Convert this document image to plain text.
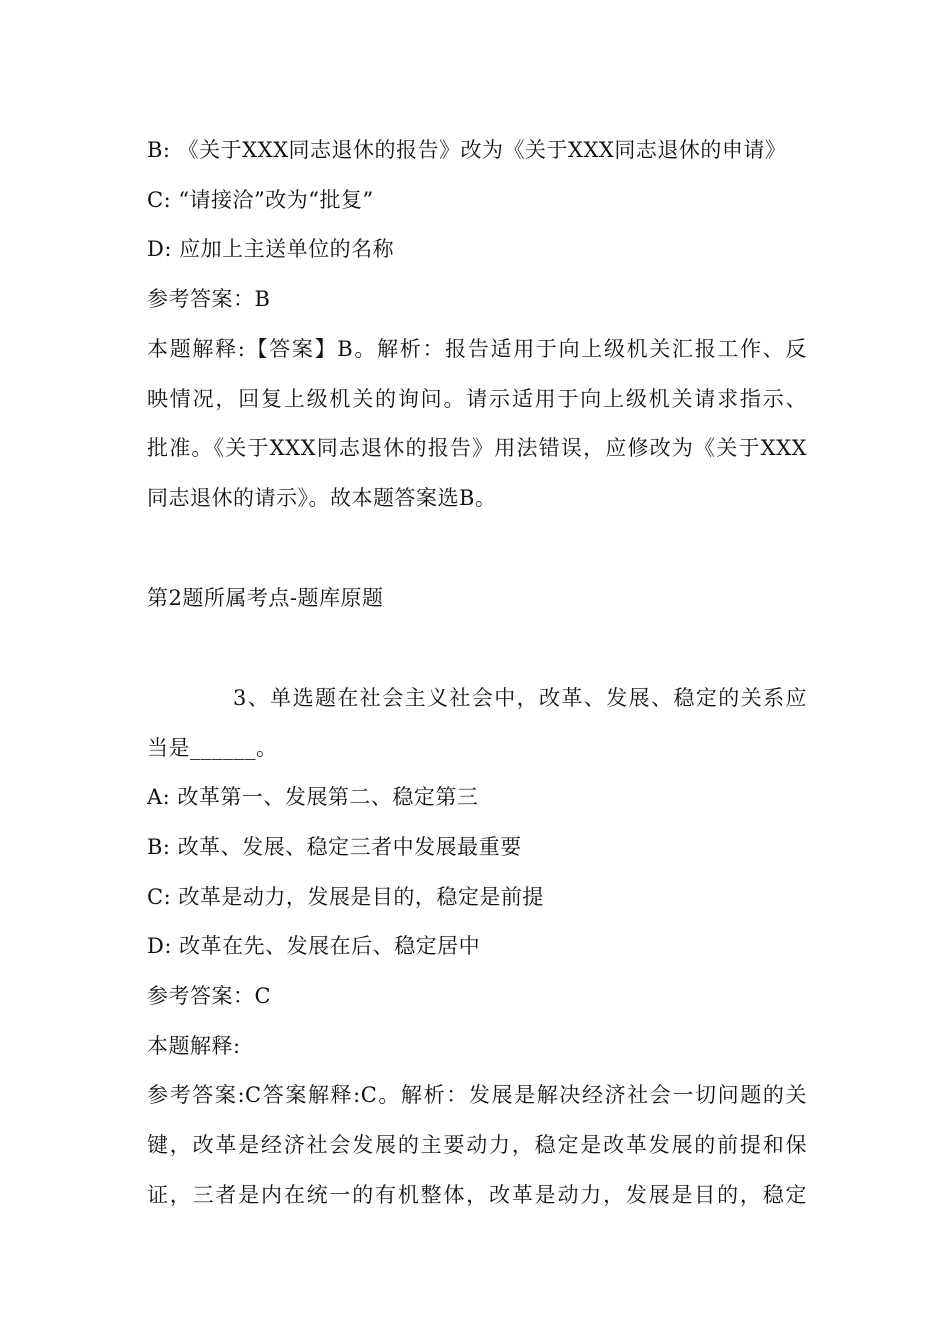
B: 《关于XXX同志退休的报告》改为《关于XXX同志退休的申请》
C: “请接洽”改为“批复”
D: 应加上主送单位的名称
参考答案：B
本题解释:【答案】B。解析：报告适用于向上级机关汇报工作、反
映情况，回复上级机关的询问。请示适用于向上级机关请求指示、
批准。《关于XXX同志退休的报告》用法错误，应修改为《关于XXX
同志退休的请示》。故本题答案选B。
第2题所属考点-题库原题
3、单选题在社会主义社会中，改革、发展、稳定的关系应
当是______。
A: 改革第一、发展第二、稳定第三
B: 改革、发展、稳定三者中发展最重要
C: 改革是动力，发展是目的，稳定是前提
D: 改革在先、发展在后、稳定居中
参考答案：C
本题解释:
参考答案:C答案解释:C。解析：发展是解决经济社会一切问题的关
键，改革是经济社会发展的主要动力，稳定是改革发展的前提和保
证，三者是内在统一的有机整体，改革是动力，发展是目的，稳定
